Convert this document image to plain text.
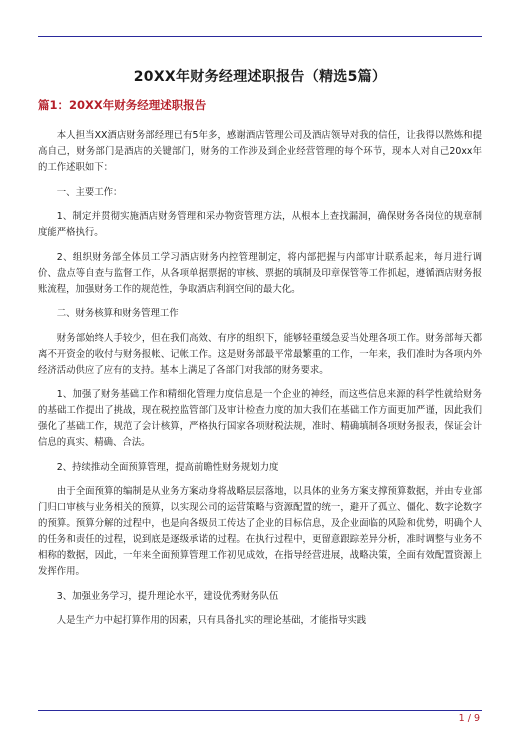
20XX年财务经理述职报告（精选5篇）
篇1：20XX年财务经理述职报告

本人担当XX酒店财务部经理已有5年多，感谢酒店管理公司及酒店领导对我的信任，让我得以熬炼和提高自己，财务部门是酒店的关键部门，财务的工作涉及到企业经营管理的每个环节，现本人对自己20xx年的工作述职如下：

一、主要工作：

1、制定并贯彻实施酒店财务管理和采办物资管理方法，从根本上查找漏洞，确保财务各岗位的规章制度能严格执行。

2、组织财务部全体员工学习酒店财务内控管理制定，将内部把握与内部审计联系起来，每月进行调价、盘点等自查与监督工作，从各项单据票据的审核、票据的填制及印章保管等工作抓起，遵循酒店财务报账流程，加强财务工作的规范性，争取酒店利润空间的最大化。

二、财务核算和财务管理工作

财务部始终人手较少，但在我们高效、有序的组织下，能够轻重缓急妥当处理各项工作。财务部每天都离不开资金的收付与财务报帐、记帐工作。这是财务部最平常最繁重的工作，一年来，我们准时为各项内外经济活动供应了应有的支持。基本上满足了各部门对我部的财务要求。

1、加强了财务基础工作和精细化管理力度信息是一个企业的神经，而这些信息来源的科学性就给财务的基础工作提出了挑战，现在税控监管部门及审计检查力度的加大我们在基础工作方面更加严谨，因此我们强化了基础工作，规范了会计核算，严格执行国家各项财税法规，准时、精确填制各项财务报表，保证会计信息的真实、精确、合法。

2、持续推动全面预算管理，提高前瞻性财务规划力度

由于全面预算的编制是从业务方案动身将战略层层落地，以具体的业务方案支撑预算数据，并由专业部门归口审核与业务相关的预算，以实现公司的运营策略与资源配置的统一，避开了孤立、僵化、数字论数字的预算。预算分解的过程中，也是向各级员工传达了企业的目标信息，及企业面临的风险和优势，明确个人的任务和责任的过程，说到底是逐级承诺的过程。在执行过程中，更留意跟踪差异分析，准时调整与业务不相称的数据，因此，一年来全面预算管理工作初见成效，在指导经营进展，战略决策，全面有效配置资源上发挥作用。

3、加强业务学习，提升理论水平，建设优秀财务队伍

人是生产力中起打算作用的因素，只有具备扎实的理论基础，才能指导实践

1 / 9
